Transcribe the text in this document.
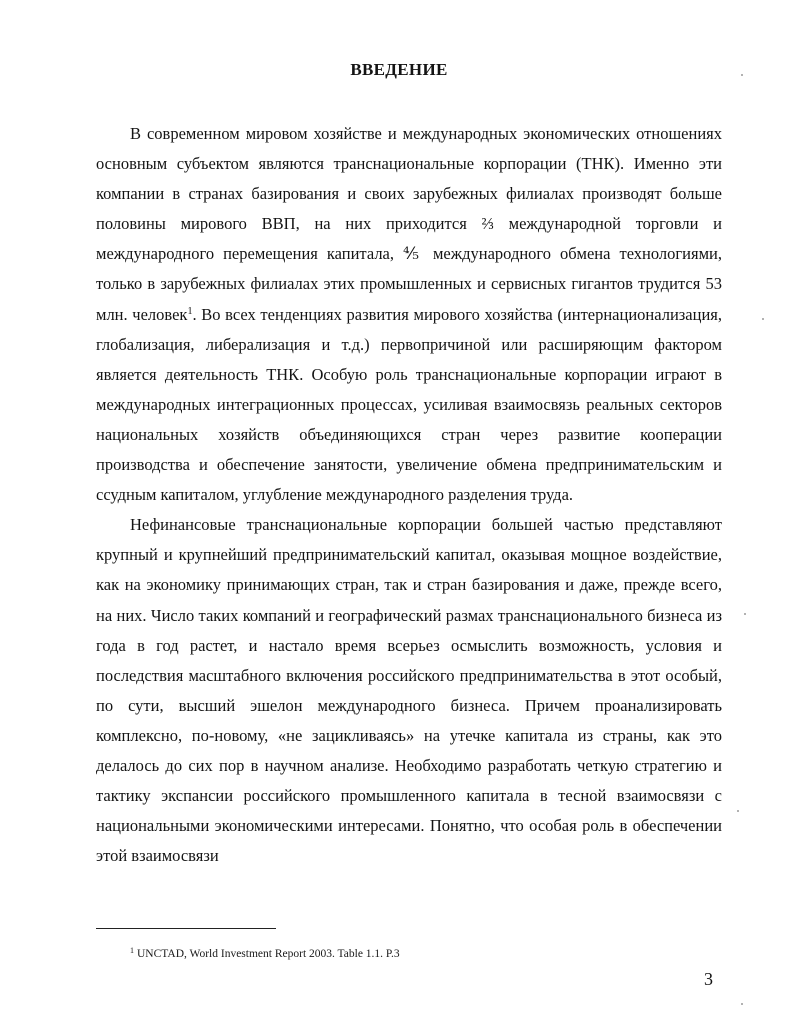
ВВЕДЕНИЕ

В современном мировом хозяйстве и международных экономических отношениях основным субъектом являются транснациональные корпорации (ТНК). Именно эти компании в странах базирования и своих зарубежных филиалах производят больше половины мирового ВВП, на них приходится ⅔ международной торговли и международного перемещения капитала, ⅘ международного обмена технологиями, только в зарубежных филиалах этих промышленных и сервисных гигантов трудится 53 млн. человек$^1$. Во всех тенденциях развития мирового хозяйства (интернационализация, глобализация, либерализация и т.д.) первопричиной или расширяющим фактором является деятельность ТНК. Особую роль транснациональные корпорации играют в международных интеграционных процессах, усиливая взаимосвязь реальных секторов национальных хозяйств объединяющихся стран через развитие кооперации производства и обеспечение занятости, увеличение обмена предпринимательским и ссудным капиталом, углубление международного разделения труда.

Нефинансовые транснациональные корпорации большей частью представляют крупный и крупнейший предпринимательский капитал, оказывая мощное воздействие, как на экономику принимающих стран, так и стран базирования и даже, прежде всего, на них. Число таких компаний и географический размах транснационального бизнеса из года в год растет, и настало время всерьез осмыслить возможность, условия и последствия масштабного включения российского предпринимательства в этот особый, по сути, высший эшелон международного бизнеса. Причем проанализировать комплексно, по-новому, «не зацикливаясь» на утечке капитала из страны, как это делалось до сих пор в научном анализе. Необходимо разработать четкую стратегию и тактику экспансии российского промышленного капитала в тесной взаимосвязи с национальными экономическими интересами. Понятно, что особая роль в обеспечении этой взаимосвязи

$^1$ UNCTAD, World Investment Report 2003. Table 1.1. P.3

3
